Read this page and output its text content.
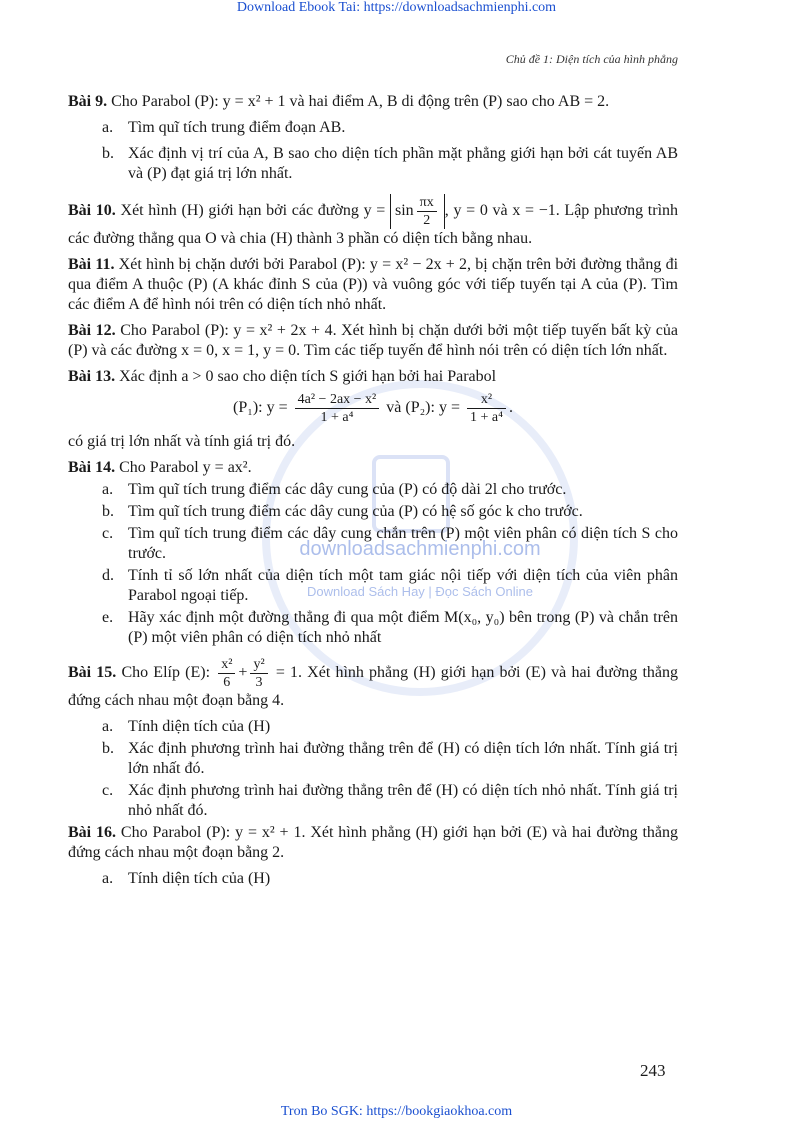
Download Ebook Tai: https://downloadsachmienphi.com
Chủ đề 1: Diện tích của hình phẳng
downloadsachmienphi.com
Download Sách Hay | Đọc Sách Online

Bài 9. Cho Parabol (P): y = x² + 1 và hai điểm A, B di động trên (P) sao cho AB = 2.

a. Tìm quĩ tích trung điểm đoạn AB.
b. Xác định vị trí của A, B sao cho diện tích phần mặt phẳng giới hạn bởi cát tuyến AB và (P) đạt giá trị lớn nhất.

Bài 10. Xét hình (H) giới hạn bởi các đường $y = \sin \frac{\pi x}{2}$ , y = 0 và x = −1. Lập phương trình các đường thẳng qua O và chia (H) thành 3 phần có diện tích bằng nhau.

Bài 11. Xét hình bị chặn dưới bởi Parabol (P): y = x² − 2x + 2, bị chặn trên bởi đường thẳng đi qua điểm A thuộc (P) (A khác đỉnh S của (P)) và vuông góc với tiếp tuyến tại A của (P). Tìm các điểm A để hình nói trên có diện tích nhỏ nhất.

Bài 12. Cho Parabol (P): y = x² + 2x + 4. Xét hình bị chặn dưới bởi một tiếp tuyến bất kỳ của (P) và các đường x = 0, x = 1, y = 0. Tìm các tiếp tuyến để hình nói trên có diện tích lớn nhất.

Bài 13. Xác định a > 0 sao cho diện tích S giới hạn bởi hai Parabol

(P₁): $y = \frac{\text{4a² − 2ax − x²}}{\text{1 + a⁴}}$ và (P₂): $y = \frac{\text{x²}}{\text{1 + a⁴}}$ .

có giá trị lớn nhất và tính giá trị đó.

Bài 14. Cho Parabol y = ax².

a. Tìm quĩ tích trung điểm các dây cung của (P) có độ dài 2l cho trước.
b. Tìm quĩ tích trung điểm các dây cung của (P) có hệ số góc k cho trước.
c. Tìm quĩ tích trung điểm các dây cung chắn trên (P) một viên phân có diện tích S cho trước.
d. Tính tỉ số lớn nhất của diện tích một tam giác nội tiếp với diện tích của viên phân Parabol ngoại tiếp.
e. Hãy xác định một đường thẳng đi qua một điểm M(x₀, y₀) bên trong (P) và chắn trên (P) một viên phân có diện tích nhỏ nhất

Bài 15. Cho Elíp (E): $\frac{\text{x²}}{6} + \frac{\text{y²}}{3} = 1$. Xét hình phẳng (H) giới hạn bởi (E) và hai đường thẳng đứng cách nhau một đoạn bằng 4.

a. Tính diện tích của (H)
b. Xác định phương trình hai đường thẳng trên để (H) có diện tích lớn nhất. Tính giá trị lớn nhất đó.
c. Xác định phương trình hai đường thẳng trên để (H) có diện tích nhỏ nhất. Tính giá trị nhỏ nhất đó.

Bài 16. Cho Parabol (P): y = x² + 1. Xét hình phẳng (H) giới hạn bởi (E) và hai đường thẳng đứng cách nhau một đoạn bằng 2.

a. Tính diện tích của (H)
243
Tron Bo SGK: https://bookgiaokhoa.com
